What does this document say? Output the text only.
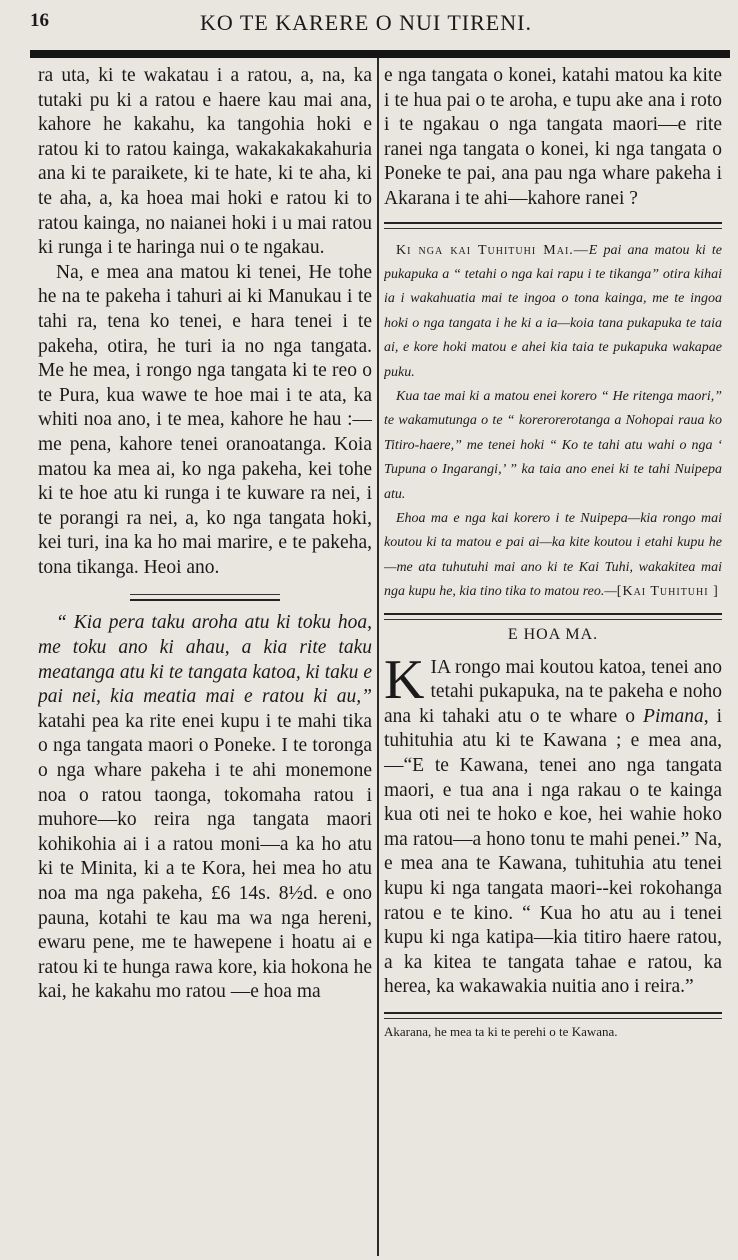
16	KO TE KARERE O NUI TIRENI.

ra uta, ki te wakatau i a ratou, a, na, ka tutaki pu ki a ratou e haere kau mai ana, kahore he kakahu, ka tangohia hoki e ratou ki to ratou kainga, wakakakakahuria ana ki te paraikete, ki te hate, ki te aha, ki te aha, a, ka hoea mai hoki e ratou ki to ratou kainga, no naianei hoki i u mai ratou ki runga i te haringa nui o te ngakau.

Na, e mea ana matou ki tenei, He tohe he na te pakeha i tahuri ai ki Manukau i te tahi ra, tena ko tenei, e hara tenei i te pakeha, otira, he turi ia no nga tangata. Me he mea, i rongo nga tangata ki te reo o te Pura, kua wawe te hoe mai i te ata, ka whiti noa ano, i te mea, kahore he hau :—me pena, kahore tenei oranoatanga. Koia matou ka mea ai, ko nga pakeha, kei tohe ki te hoe atu ki runga i te kuware ra nei, i te porangi ra nei, a, ko nga tangata hoki, kei turi, ina ka ho mai marire, e te pakeha, tona tikanga. Heoi ano.

“ Kia pera taku aroha atu ki toku hoa, me toku ano ki ahau, a kia rite taku meatanga atu ki te tangata katoa, ki taku e pai nei, kia meatia mai e ratou ki au,” katahi pea ka rite enei kupu i te mahi tika o nga tangata maori o Poneke. I te toronga o nga whare pakeha i te ahi monemone noa o ratou taonga, tokomaha ratou i muhore—ko reira nga tangata maori kohikohia ai i a ratou moni—a ka ho atu ki te Minita, ki a te Kora, hei mea ho atu noa ma nga pakeha, £6 14s. 8½d. e ono pauna, kotahi te kau ma wa nga hereni, ewaru pene, me te hawepene i hoatu ai e ratou ki te hunga rawa kore, kia hokona he kai, he kakahu mo ratou —e hoa ma

e nga tangata o konei, katahi matou ka kite i te hua pai o te aroha, e tupu ake ana i roto i te ngakau o nga tangata maori—e rite ranei nga tangata o konei, ki nga tangata o Poneke te pai, ana pau nga whare pakeha i Akarana i te ahi—kahore ranei ?

Ki nga kai Tuhituhi Mai.—E pai ana matou ki te pukapuka a “ tetahi o nga kai rapu i te tikanga” otira kihai ia i wakahuatia mai te ingoa o tona kainga, me te ingoa hoki o nga tangata i he ki a ia—koia tana pukapuka te taia ai, e kore hoki matou e ahei kia taia te pukapuka wakapae puku.

Kua tae mai ki a matou enei korero “ He ritenga maori,” te wakamutunga o te “ korerorerotanga a Nohopai raua ko Titiro-haere,” me tenei hoki “ Ko te tahi atu wahi o nga ‘ Tupuna o Ingarangi,’ ” ka taia ano enei ki te tahi Nuipepa atu.

Ehoa ma e nga kai korero i te Nuipepa—kia rongo mai koutou ki ta matou e pai ai—ka kite koutou i etahi kupu he—me ata tuhutuhi mai ano ki te Kai Tuhi, wakakitea mai nga kupu he, kia tino tika to matou reo.—[Kai Tuhituhi ]

E HOA MA.

KIA rongo mai koutou katoa, tenei ano tetahi pukapuka, na te pakeha e noho ana ki tahaki atu o te whare o Pimana, i tuhituhia atu ki te Kawana ; e mea ana,—“E te Kawana, tenei ano nga tangata maori, e tua ana i nga rakau o te kainga kua oti nei te hoko e koe, hei wahie hoko ma ratou—a hono tonu te mahi penei.” Na, e mea ana te Kawana, tuhituhia atu tenei kupu ki nga tangata maori--kei rokohanga ratou e te kino. “ Kua ho atu au i tenei kupu ki nga katipa—kia titiro haere ratou, a ka kitea te tangata tahae e ratou, ka herea, ka wakawakia nuitia ano i reira.”

Akarana, he mea ta ki te perehi o te Kawana.
